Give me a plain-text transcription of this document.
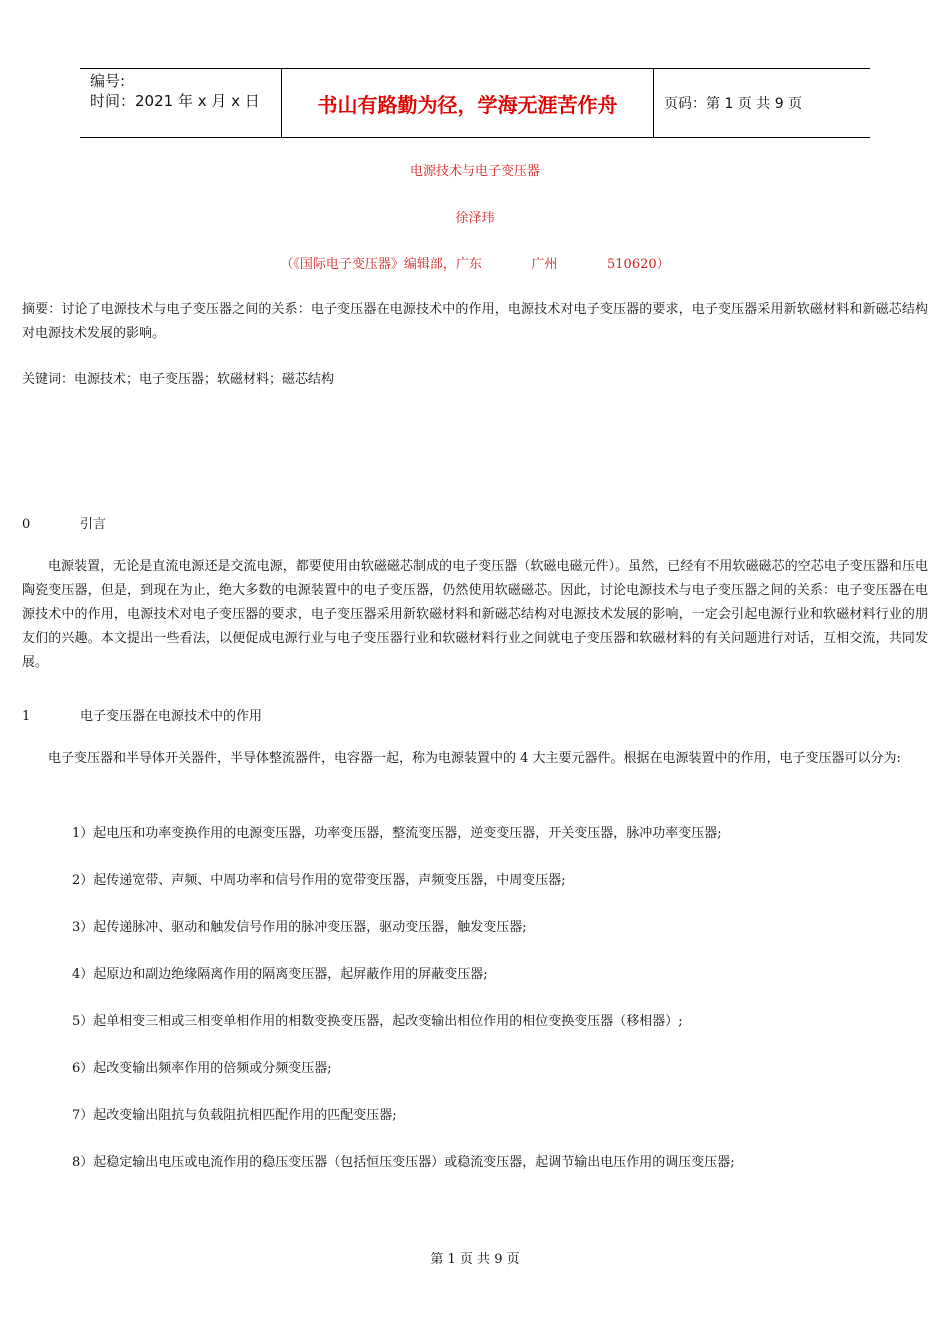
编号:
时间：2021 年 x 月 x 日	书山有路勤为径，学海无涯苦作舟	页码：第 1 页 共 9 页
电源技术与电子变压器
徐泽玮
（《国际电子变压器》编辑部，广东            广州            510620）
摘要：讨论了电源技术与电子变压器之间的关系：电子变压器在电源技术中的作用，电源技术对电子变压器的要求，电子变压器采用新软磁材料和新磁芯结构对电源技术发展的影响。
关键词：电源技术；电子变压器；软磁材料；磁芯结构
0	引言
电源装置，无论是直流电源还是交流电源，都要使用由软磁磁芯制成的电子变压器（软磁电磁元件）。虽然，已经有不用软磁磁芯的空芯电子变压器和压电陶瓷变压器，但是，到现在为止，绝大多数的电源装置中的电子变压器，仍然使用软磁磁芯。因此，讨论电源技术与电子变压器之间的关系：电子变压器在电源技术中的作用，电源技术对电子变压器的要求，电子变压器采用新软磁材料和新磁芯结构对电源技术发展的影响，一定会引起电源行业和软磁材料行业的朋友们的兴趣。本文提出一些看法，以便促成电源行业与电子变压器行业和软磁材料行业之间就电子变压器和软磁材料的有关问题进行对话，互相交流，共同发展。
1	电子变压器在电源技术中的作用
电子变压器和半导体开关器件，半导体整流器件，电容器一起，称为电源装置中的 4 大主要元器件。根据在电源装置中的作用，电子变压器可以分为:
1）起电压和功率变换作用的电源变压器，功率变压器，整流变压器，逆变变压器，开关变压器，脉冲功率变压器;
2）起传递宽带、声频、中周功率和信号作用的宽带变压器，声频变压器，中周变压器;
3）起传递脉冲、驱动和触发信号作用的脉冲变压器，驱动变压器，触发变压器;
4）起原边和副边绝缘隔离作用的隔离变压器，起屏蔽作用的屏蔽变压器;
5）起单相变三相或三相变单相作用的相数变换变压器，起改变输出相位作用的相位变换变压器（移相器）;
6）起改变输出频率作用的倍频或分频变压器;
7）起改变输出阻抗与负载阻抗相匹配作用的匹配变压器;
8）起稳定输出电压或电流作用的稳压变压器（包括恒压变压器）或稳流变压器，起调节输出电压作用的调压变压器;
第 1 页 共 9 页
